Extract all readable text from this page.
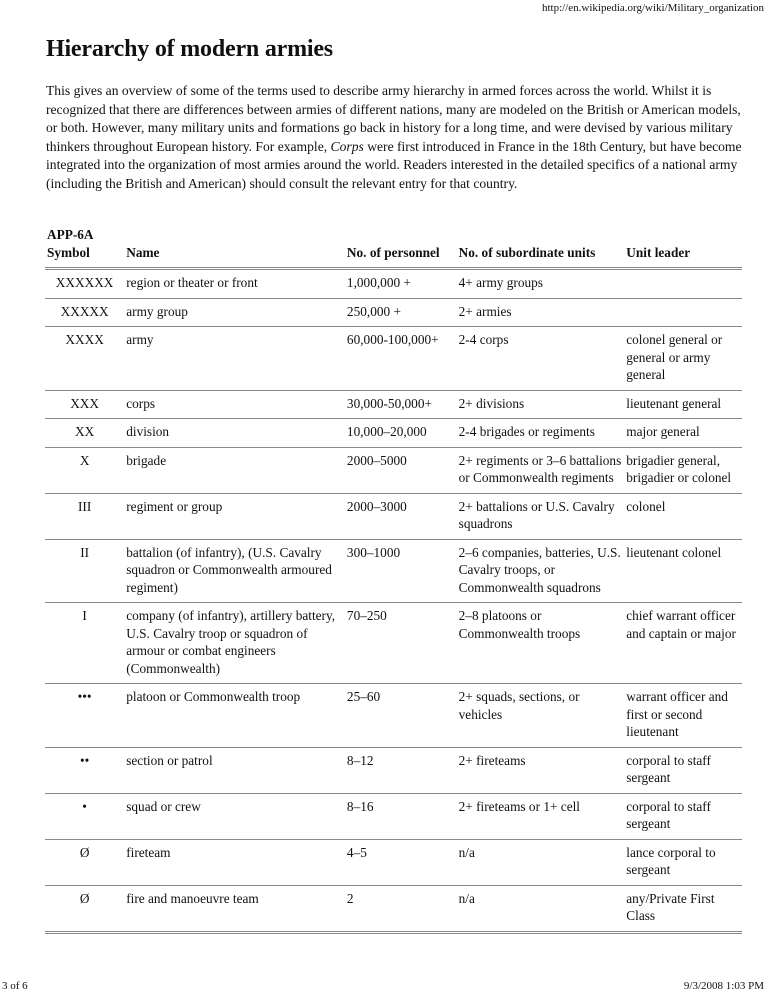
http://en.wikipedia.org/wiki/Military_organization
Hierarchy of modern armies

This gives an overview of some of the terms used to describe army hierarchy in armed forces across the world. Whilst it is recognized that there are differences between armies of different nations, many are modeled on the British or American models, or both. However, many military units and formations go back in history for a long time, and were devised by various military thinkers throughout European history. For example, Corps were first introduced in France in the 18th Century, but have become integrated into the organization of most armies around the world. Readers interested in the detailed specifics of a national army (including the British and American) should consult the relevant entry for that country.

APP-6A
Symbol	Name	No. of personnel	No. of subordinate units	Unit leader
XXXXXX	region or theater or front	1,000,000 +	4+ army groups	
XXXXX	army group	250,000 +	2+ armies	
XXXX	army	60,000-100,000+	2-4 corps	colonel general or general or army general
XXX	corps	30,000-50,000+	2+ divisions	lieutenant general
XX	division	10,000–20,000	2-4 brigades or regiments	major general
X	brigade	2000–5000	2+ regiments or 3–6 battalions or Commonwealth regiments	brigadier general, brigadier or colonel
III	regiment or group	2000–3000	2+ battalions or U.S. Cavalry squadrons	colonel
II	battalion (of infantry), (U.S. Cavalry squadron or Commonwealth armoured regiment)	300–1000	2–6 companies, batteries, U.S. Cavalry troops, or Commonwealth squadrons	lieutenant colonel
I	company (of infantry), artillery battery, U.S. Cavalry troop or squadron of armour or combat engineers (Commonwealth)	70–250	2–8 platoons or Commonwealth troops	chief warrant officer and captain or major
•••	platoon or Commonwealth troop	25–60	2+ squads, sections, or vehicles	warrant officer and first or second lieutenant
••	section or patrol	8–12	2+ fireteams	corporal to staff sergeant
•	squad or crew	8–16	2+ fireteams or 1+ cell	corporal to staff sergeant
Ø	fireteam	4–5	n/a	lance corporal to sergeant
Ø	fire and manoeuvre team	2	n/a	any/Private First Class
3 of 6	9/3/2008 1:03 PM
